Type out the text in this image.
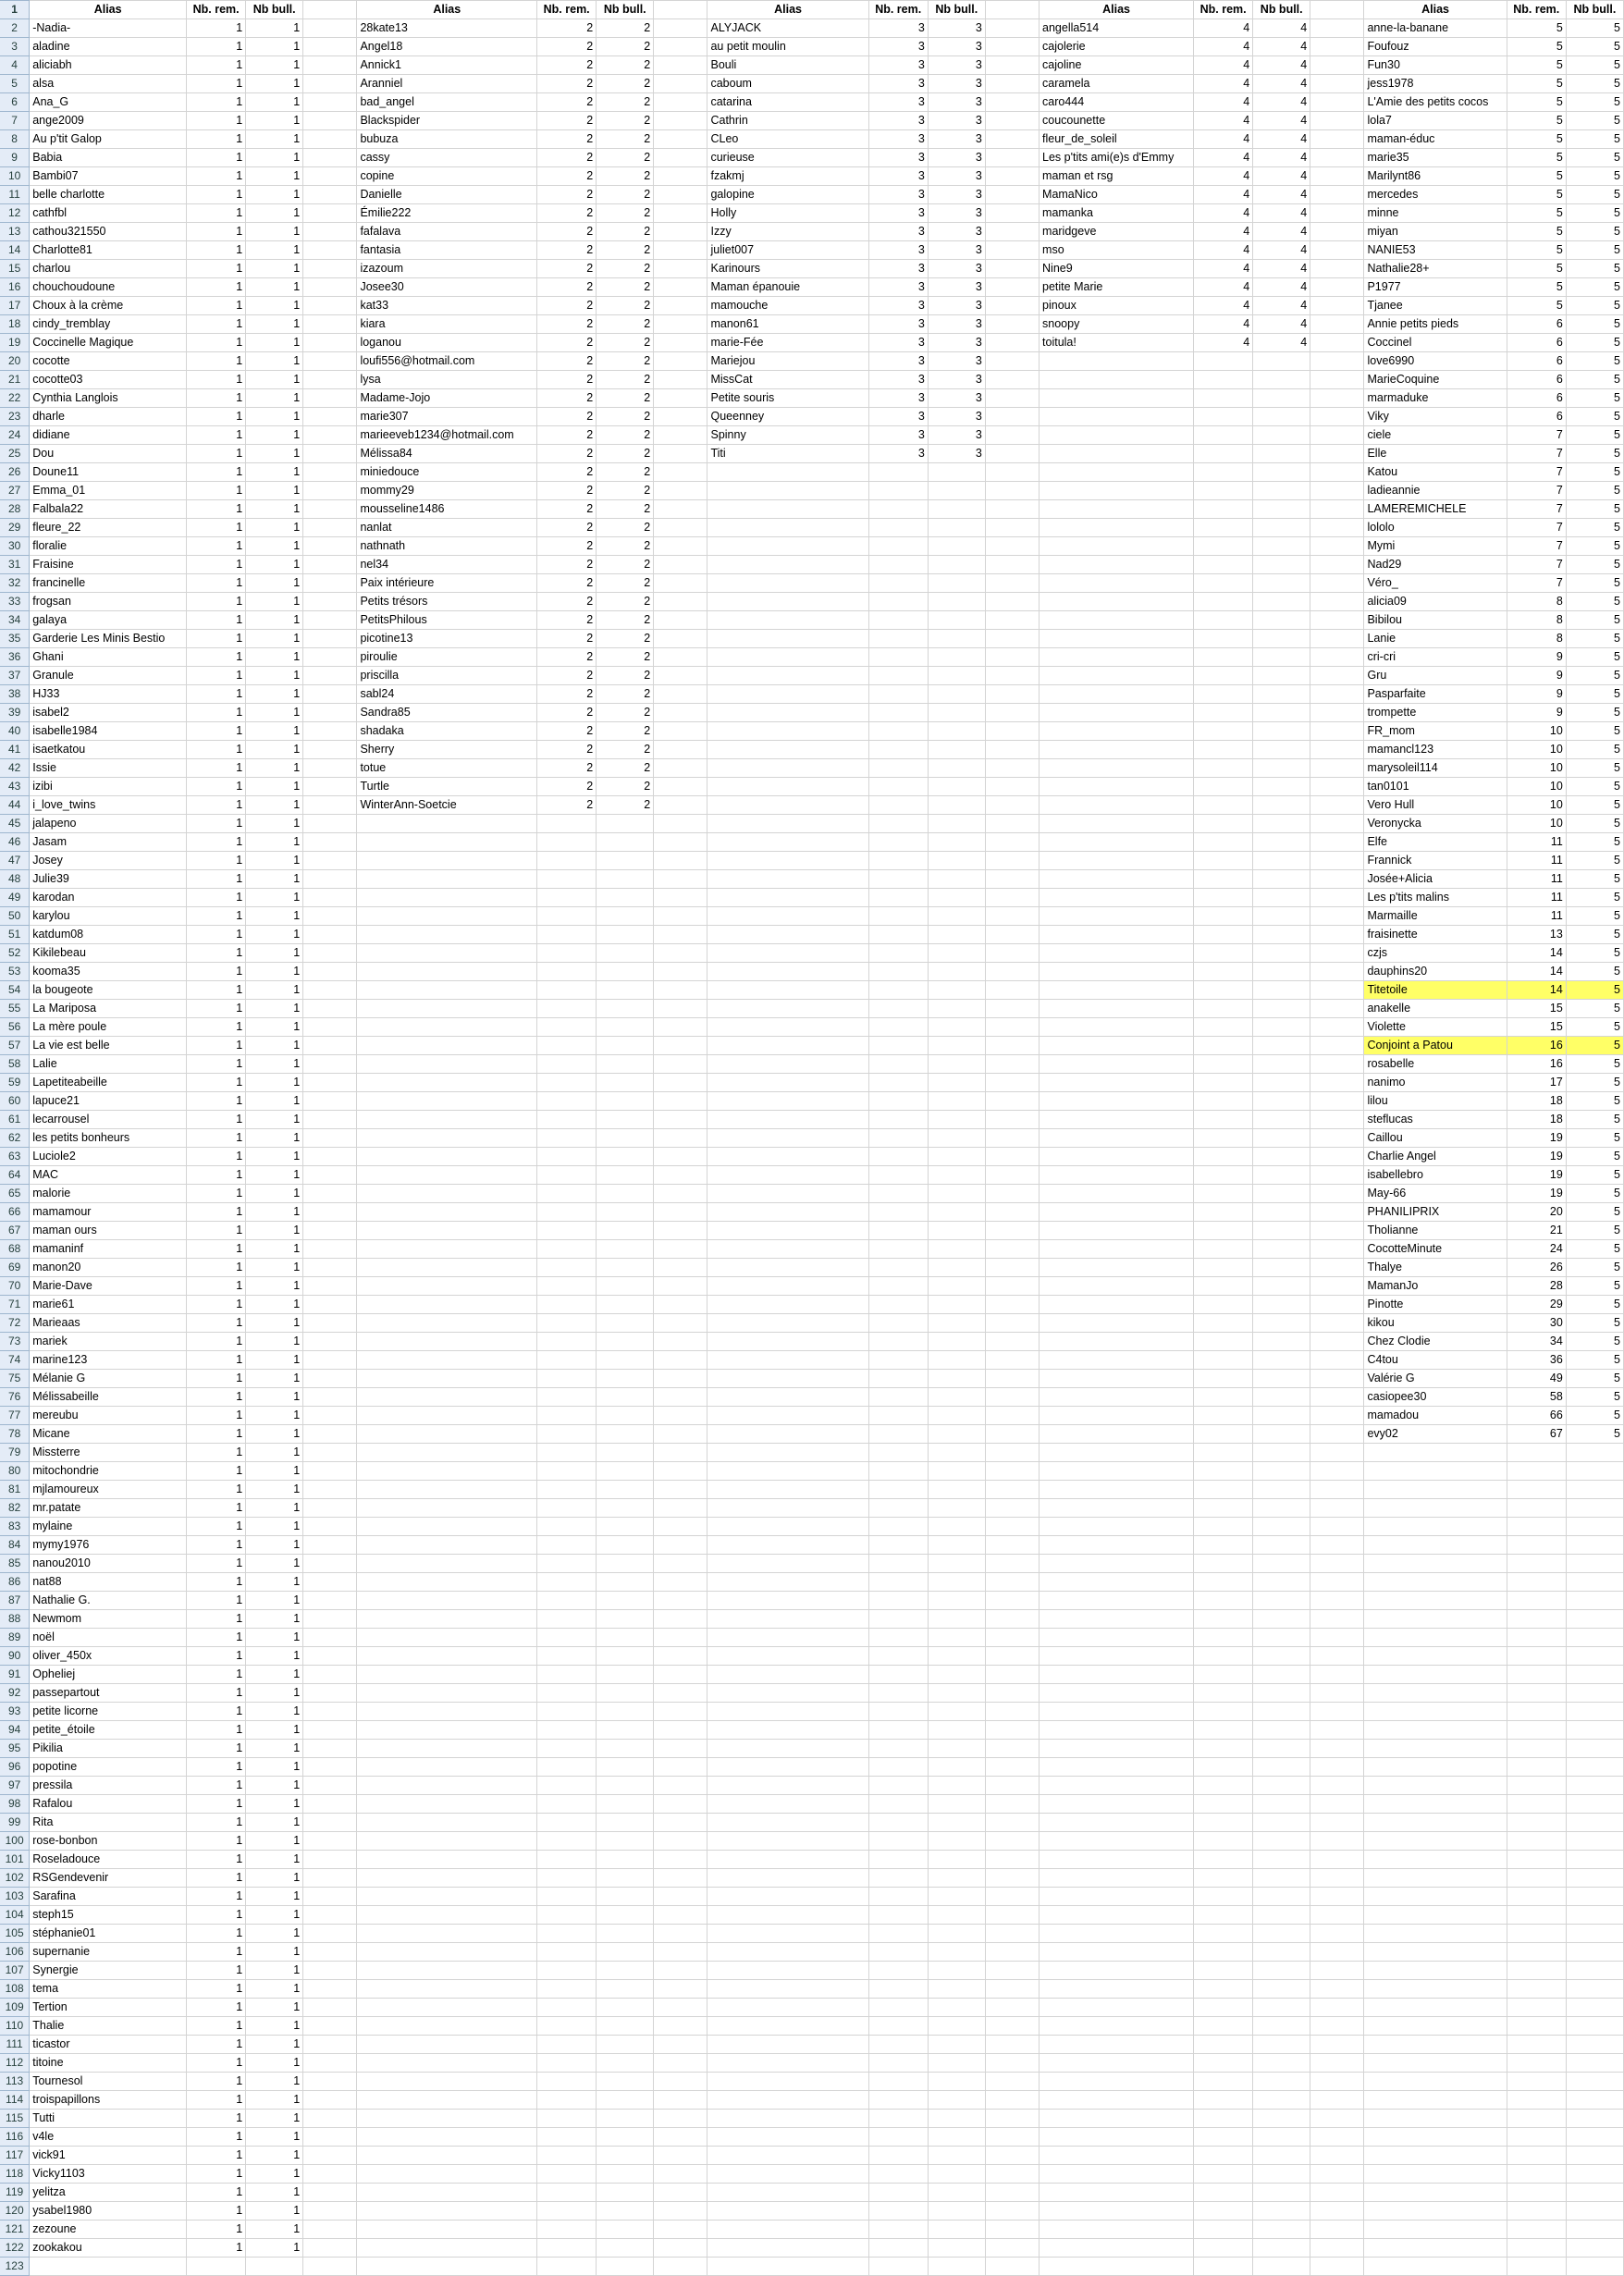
1	Alias	Nb. rem.	Nb bull.		Alias	Nb. rem.	Nb bull.		Alias	Nb. rem.	Nb bull.		Alias	Nb. rem.	Nb bull.		Alias	Nb. rem.	Nb bull.
2	-Nadia-	1	1		28kate13	2	2		ALYJACK	3	3		angella514	4	4		anne-la-banane	5	5
3	aladine	1	1		Angel18	2	2		au petit moulin	3	3		cajolerie	4	4		Foufouz	5	5
4	aliciabh	1	1		Annick1	2	2		Bouli	3	3		cajoline	4	4		Fun30	5	5
5	alsa	1	1		Aranniel	2	2		caboum	3	3		caramela	4	4		jess1978	5	5
6	Ana_G	1	1		bad_angel	2	2		catarina	3	3		caro444	4	4		L'Amie des petits cocos	5	5
7	ange2009	1	1		Blackspider	2	2		Cathrin	3	3		coucounette	4	4		lola7	5	5
8	Au p'tit Galop	1	1		bubuza	2	2		CLeo	3	3		fleur_de_soleil	4	4		maman-éduc	5	5
9	Babia	1	1		cassy	2	2		curieuse	3	3		Les p'tits ami(e)s d'Emmy	4	4		marie35	5	5
10	Bambi07	1	1		copine	2	2		fzakmj	3	3		maman et rsg	4	4		Marilynt86	5	5
11	belle charlotte	1	1		Danielle	2	2		galopine	3	3		MamaNico	4	4		mercedes	5	5
12	cathfbl	1	1		Émilie222	2	2		Holly	3	3		mamanka	4	4		minne	5	5
13	cathou321550	1	1		fafalava	2	2		Izzy	3	3		maridgeve	4	4		miyan	5	5
14	Charlotte81	1	1		fantasia	2	2		juliet007	3	3		mso	4	4		NANIE53	5	5
15	charlou	1	1		izazoum	2	2		Karinours	3	3		Nine9	4	4		Nathalie28+	5	5
16	chouchoudoune	1	1		Josee30	2	2		Maman épanouie	3	3		petite Marie	4	4		P1977	5	5
17	Choux à la crème	1	1		kat33	2	2		mamouche	3	3		pinoux	4	4		Tjanee	5	5
18	cindy_tremblay	1	1		kiara	2	2		manon61	3	3		snoopy	4	4		Annie petits pieds	6	5
19	Coccinelle Magique	1	1		loganou	2	2		marie-Fée	3	3		toitula!	4	4		Coccinel	6	5
20	cocotte	1	1		loufi556@hotmail.com	2	2		Mariejou	3	3						love6990	6	5
21	cocotte03	1	1		lysa	2	2		MissCat	3	3						MarieCoquine	6	5
22	Cynthia Langlois	1	1		Madame-Jojo	2	2		Petite souris	3	3						marmaduke	6	5
23	dharle	1	1		marie307	2	2		Queenney	3	3						Viky	6	5
24	didiane	1	1		marieeveb1234@hotmail.com	2	2		Spinny	3	3						ciele	7	5
25	Dou	1	1		Mélissa84	2	2		Titi	3	3						Elle	7	5
26	Doune11	1	1		miniedouce	2	2										Katou	7	5
27	Emma_01	1	1		mommy29	2	2										ladieannie	7	5
28	Falbala22	1	1		mousseline1486	2	2										LAMEREMICHELE	7	5
29	fleure_22	1	1		nanlat	2	2										lololo	7	5
30	floralie	1	1		nathnath	2	2										Mymi	7	5
31	Fraisine	1	1		nel34	2	2										Nad29	7	5
32	francinelle	1	1		Paix intérieure	2	2										Véro_	7	5
33	frogsan	1	1		Petits trésors	2	2										alicia09	8	5
34	galaya	1	1		PetitsPhilous	2	2										Bibilou	8	5
35	Garderie Les Minis Bestio	1	1		picotine13	2	2										Lanie	8	5
36	Ghani	1	1		piroulie	2	2										cri-cri	9	5
37	Granule	1	1		priscilla	2	2										Gru	9	5
38	HJ33	1	1		sabl24	2	2										Pasparfaite	9	5
39	isabel2	1	1		Sandra85	2	2										trompette	9	5
40	isabelle1984	1	1		shadaka	2	2										FR_mom	10	5
41	isaetkatou	1	1		Sherry	2	2										mamancl123	10	5
42	Issie	1	1		totue	2	2										marysoleil114	10	5
43	izibi	1	1		Turtle	2	2										tan0101	10	5
44	i_love_twins	1	1		WinterAnn-Soetcie	2	2										Vero Hull	10	5
45	jalapeno	1	1														Veronycka	10	5
46	Jasam	1	1														Elfe	11	5
47	Josey	1	1														Frannick	11	5
48	Julie39	1	1														Josée+Alicia	11	5
49	karodan	1	1														Les p'tits malins	11	5
50	karylou	1	1														Marmaille	11	5
51	katdum08	1	1														fraisinette	13	5
52	Kikilebeau	1	1														czjs	14	5
53	kooma35	1	1														dauphins20	14	5
54	la bougeote	1	1														Titetoile	14	5
55	La Mariposa	1	1														anakelle	15	5
56	La mère poule	1	1														Violette	15	5
57	La vie est belle	1	1														Conjoint a Patou	16	5
58	Lalie	1	1														rosabelle	16	5
59	Lapetiteabeille	1	1														nanimo	17	5
60	lapuce21	1	1														lilou	18	5
61	lecarrousel	1	1														steflucas	18	5
62	les petits bonheurs	1	1														Caillou	19	5
63	Luciole2	1	1														Charlie Angel	19	5
64	MAC	1	1														isabellebro	19	5
65	malorie	1	1														May-66	19	5
66	mamamour	1	1														PHANILIPRIX	20	5
67	maman ours	1	1														Tholianne	21	5
68	mamaninf	1	1														CocotteMinute	24	5
69	manon20	1	1														Thalye	26	5
70	Marie-Dave	1	1														MamanJo	28	5
71	marie61	1	1														Pinotte	29	5
72	Marieaas	1	1														kikou	30	5
73	mariek	1	1														Chez Clodie	34	5
74	marine123	1	1														C4tou	36	5
75	Mélanie G	1	1														Valérie G	49	5
76	Mélissabeille	1	1														casiopee30	58	5
77	mereubu	1	1														mamadou	66	5
78	Micane	1	1														evy02	67	5
79	Missterre	1	1																
80	mitochondrie	1	1																
81	mjlamoureux	1	1																
82	mr.patate	1	1																
83	mylaine	1	1																
84	mymy1976	1	1																
85	nanou2010	1	1																
86	nat88	1	1																
87	Nathalie G.	1	1																
88	Newmom	1	1																
89	noël	1	1																
90	oliver_450x	1	1																
91	Opheliej	1	1																
92	passepartout	1	1																
93	petite licorne	1	1																
94	petite_étoile	1	1																
95	Pikilia	1	1																
96	popotine	1	1																
97	pressila	1	1																
98	Rafalou	1	1																
99	Rita	1	1																
100	rose-bonbon	1	1																
101	Roseladouce	1	1																
102	RSGendevenir	1	1																
103	Sarafina	1	1																
104	steph15	1	1																
105	stéphanie01	1	1																
106	supernanie	1	1																
107	Synergie	1	1																
108	tema	1	1																
109	Tertion	1	1																
110	Thalie	1	1																
111	ticastor	1	1																
112	titoine	1	1																
113	Tournesol	1	1																
114	troispapillons	1	1																
115	Tutti	1	1																
116	v4le	1	1																
117	vick91	1	1																
118	Vicky1103	1	1																
119	yelitza	1	1																
120	ysabel1980	1	1																
121	zezoune	1	1																
122	zookakou	1	1																
123																			
